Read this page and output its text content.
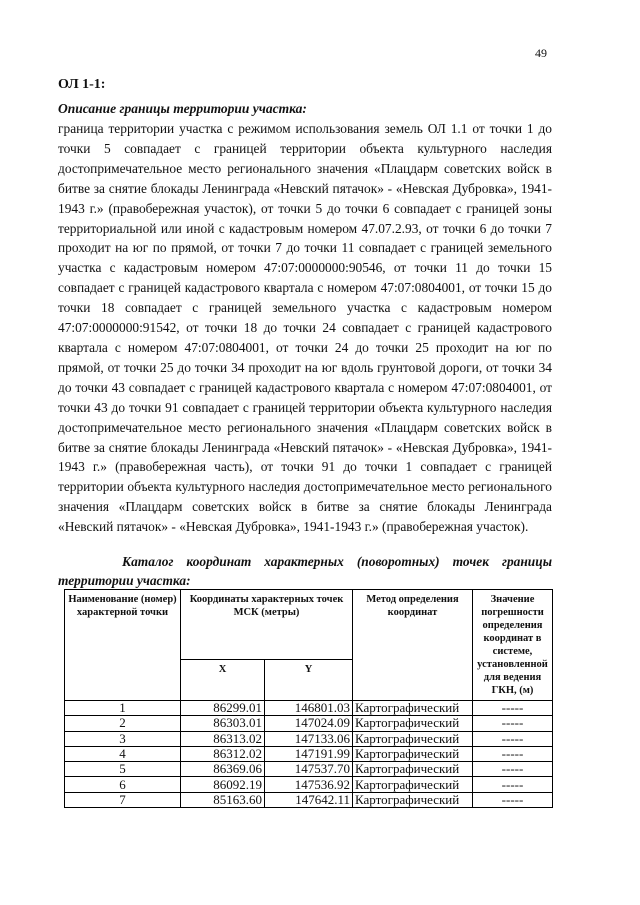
49
ОЛ 1-1:
Описание границы территории участка:

граница территории участка с режимом использования земель ОЛ 1.1 от точки 1 до точки 5 совпадает с границей территории объекта культурного наследия достопримечательное место регионального значения «Плацдарм советских войск в битве за снятие блокады Ленинграда «Невский пятачок» - «Невская Дубровка», 1941-1943 г.» (правобережная участок), от точки 5 до точки 6 совпадает с границей зоны территориальной или иной с кадастровым номером 47.07.2.93, от точки 6 до точки 7 проходит на юг по прямой, от точки 7 до точки 11 совпадает с границей земельного участка с кадастровым номером 47:07:0000000:90546, от точки 11 до точки 15 совпадает с границей кадастрового квартала с номером 47:07:0804001, от точки 15 до точки 18 совпадает с границей земельного участка с кадастровым номером 47:07:0000000:91542, от точки 18 до точки 24 совпадает с границей кадастрового квартала с номером 47:07:0804001, от точки 24 до точки 25 проходит на юг по прямой, от точки 25 до точки 34 проходит на юг вдоль грунтовой дороги, от точки 34 до точки 43 совпадает с границей кадастрового квартала с номером 47:07:0804001, от точки 43 до точки 91 совпадает с границей территории объекта культурного наследия достопримечательное место регионального значения «Плацдарм советских войск в битве за снятие блокады Ленинграда «Невский пятачок» - «Невская Дубровка», 1941-1943 г.» (правобережная часть), от точки 91 до точки 1 совпадает с границей территории объекта культурного наследия достопримечательное место регионального значения «Плацдарм советских войск в битве за снятие блокады Ленинграда «Невский пятачок» - «Невская Дубровка», 1941-1943 г.» (правобережная участок).

Каталог координат характерных (поворотных) точек границы территории участка:

Наименование (номер) характерной точки	Координаты характерных точек МСК (метры)		Метод определения координат	Значение погрешности определения координат в системе, установленной для ведения ГКН, (м)
	X	Y		
1	86299.01	146801.03	Картографический	-----
2	86303.01	147024.09	Картографический	-----
3	86313.02	147133.06	Картографический	-----
4	86312.02	147191.99	Картографический	-----
5	86369.06	147537.70	Картографический	-----
6	86092.19	147536.92	Картографический	-----
7	85163.60	147642.11	Картографический	-----
